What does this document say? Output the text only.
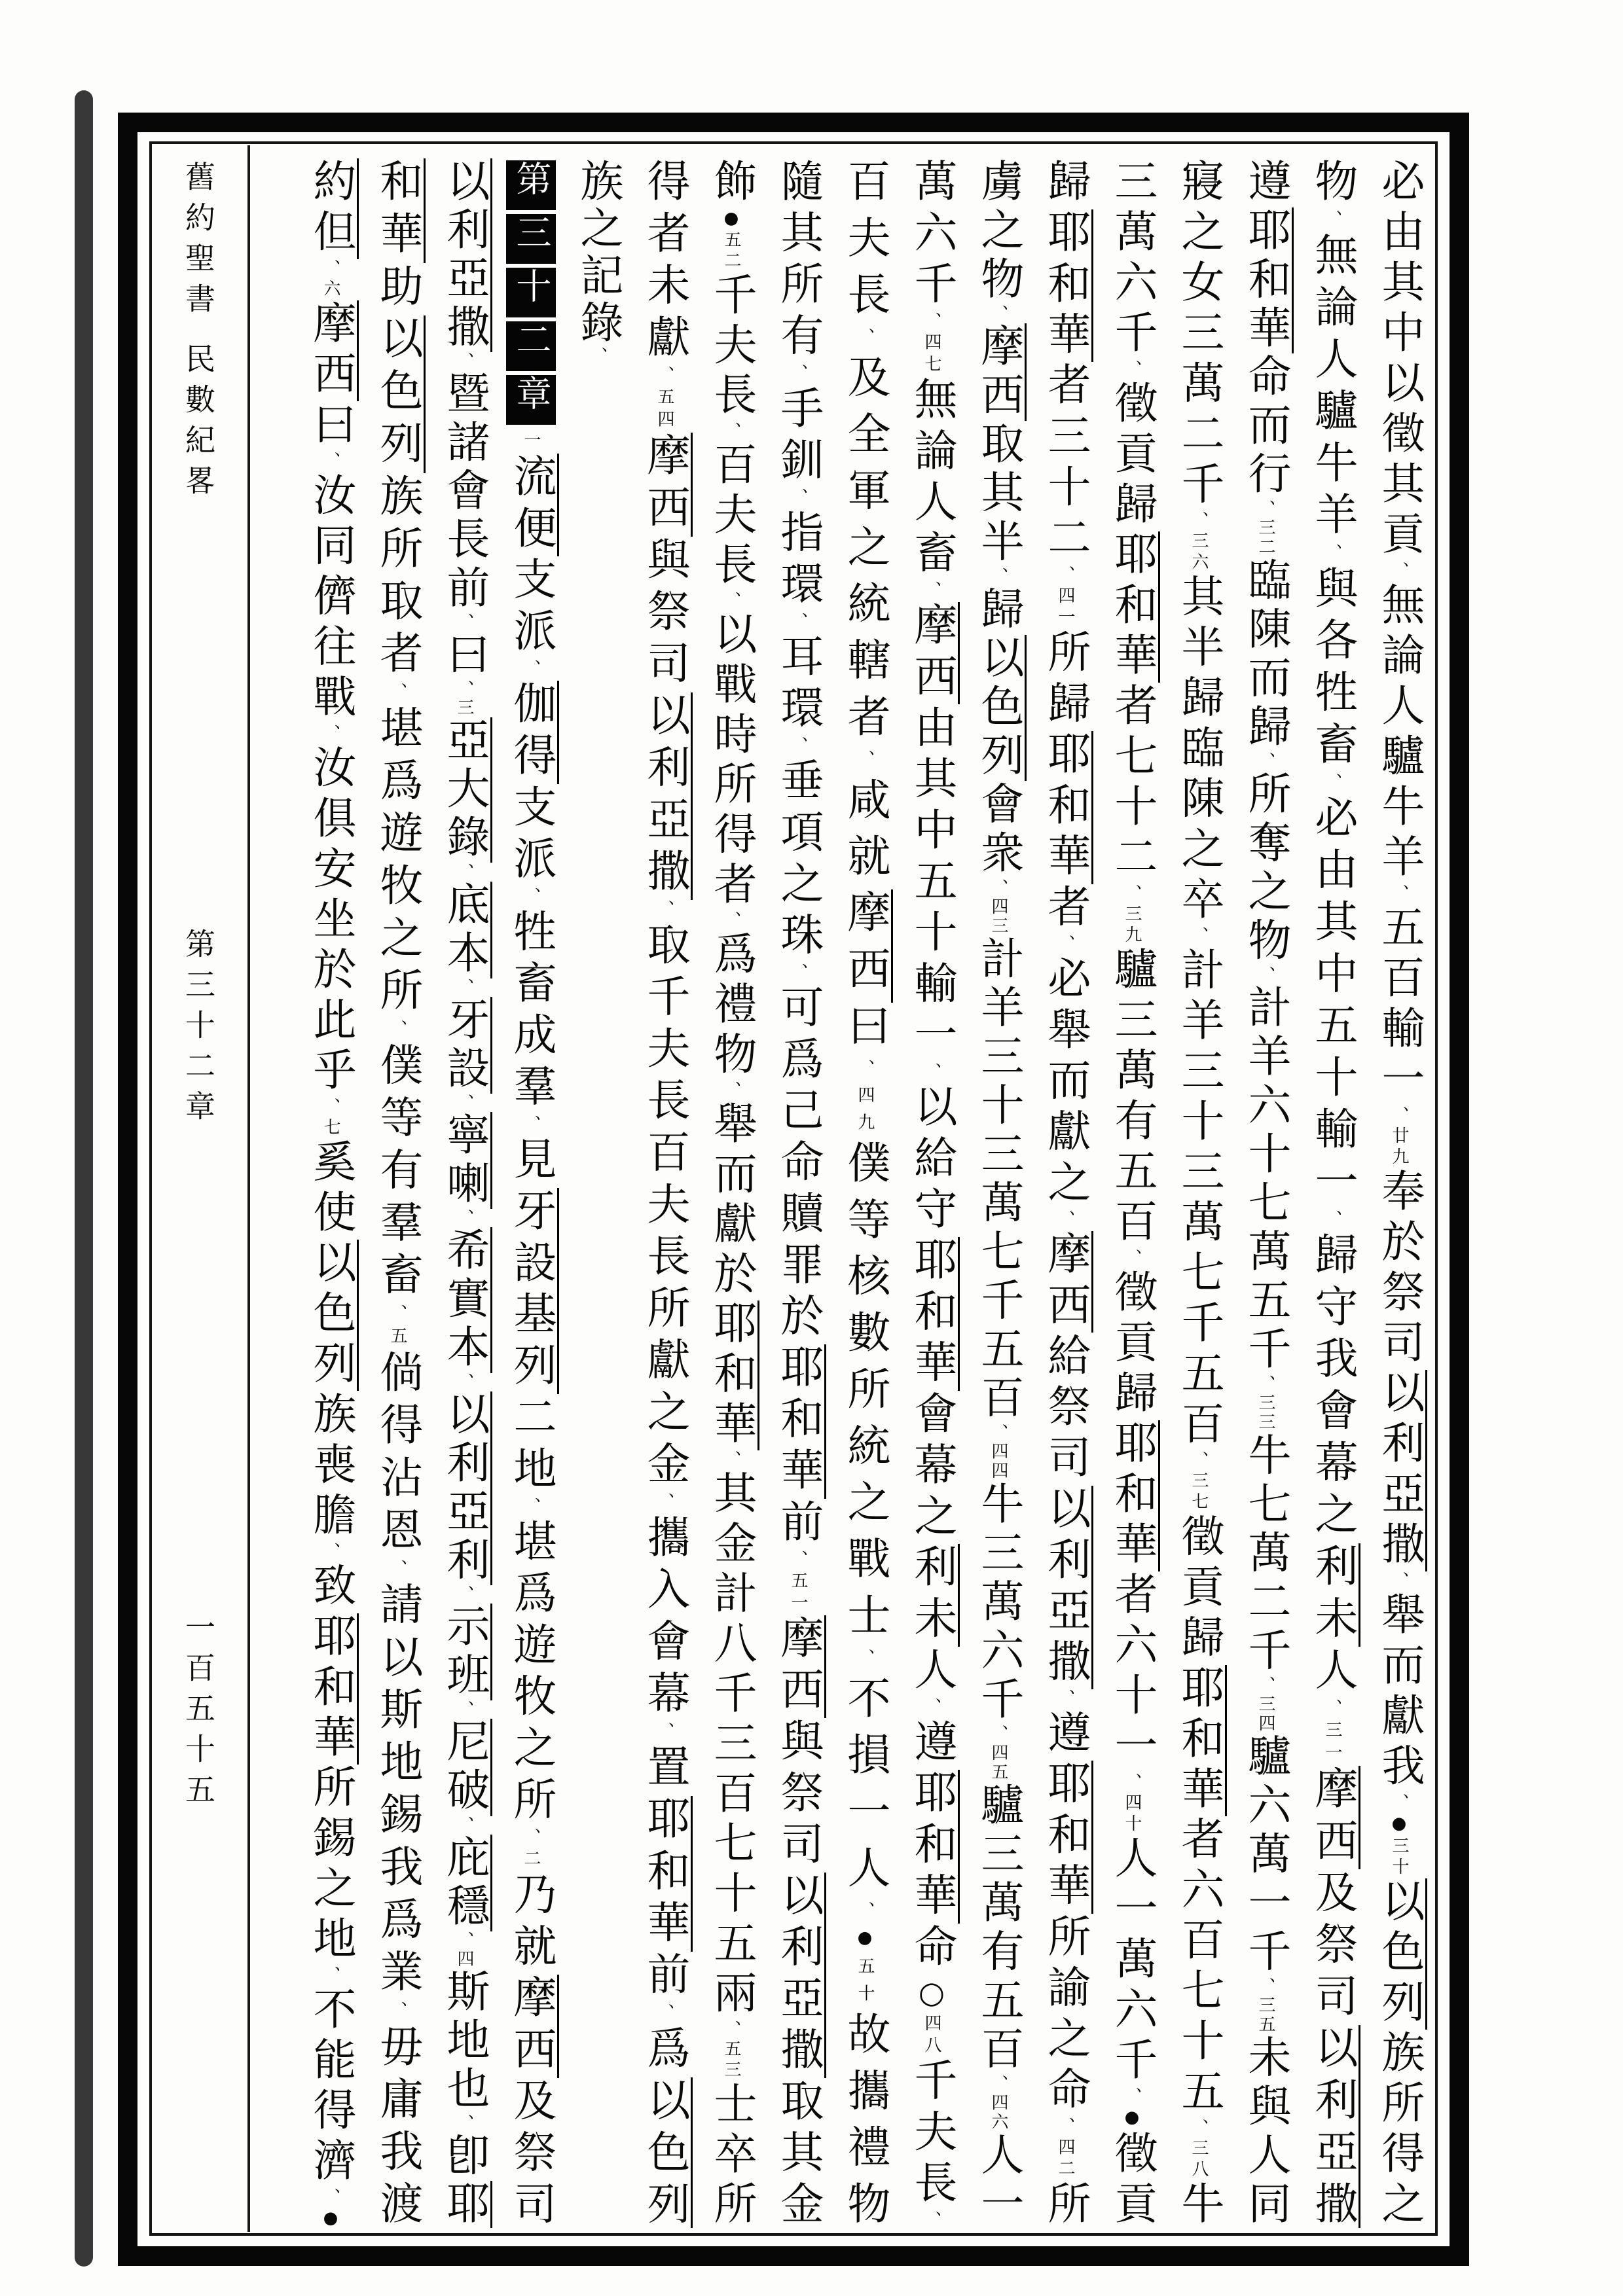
舊約聖書
民數紀畧
第三十二章
一百五十五
必由其中以徵其貢、無論人驢牛羊、五百輸一、廿九奉於祭司以利亞撒、舉而獻我、●三十以色列族所得之
物、無論人驢牛羊、與各牲畜、必由其中五十輸一、歸守我會幕之利未人、三一摩西及祭司以利亞撒
遵耶和華命而行、三二臨陳而歸、所奪之物、計羊六十七萬五千、三三牛七萬二千、三四驢六萬一千、三五未與人同
寢之女三萬二千、三六其半歸臨陳之卒、計羊三十三萬七千五百、三七徵貢歸耶和華者六百七十五、三八牛
三萬六千、徵貢歸耶和華者七十二、三九驢三萬有五百、徵貢歸耶和華者六十一、四十人一萬六千、●徵貢
歸耶和華者三十二、四一所歸耶和華者、必舉而獻之、摩西給祭司以利亞撒、遵耶和華所諭之命、四二所
虜之物、摩西取其半、歸以色列會衆、四三計羊三十三萬七千五百、四四牛三萬六千、四五驢三萬有五百、四六人一
萬六千、四七無論人畜、摩西由其中五十輸一、以給守耶和華會幕之利未人、遵耶和華命○四八千夫長、
百夫長、及全軍之統轄者、咸就摩西曰、四九僕等核數所統之戰士、不損一人、●五十故攜禮物
隨其所有、手釧、指環、耳環、垂項之珠、可爲己命贖罪於耶和華前、五一摩西與祭司以利亞撒取其金
飾●五二千夫長、百夫長、以戰時所得者、爲禮物、舉而獻於耶和華、其金計八千三百七十五兩、五三士卒所
得者未獻、五四摩西與祭司以利亞撒、取千夫長百夫長所獻之金、攜入會幕、置耶和華前、爲以色列
族之記錄、
第三十二章一流便支派、伽得支派、牲畜成羣、見牙設基列二地、堪爲遊牧之所、二乃就摩西及祭司
以利亞撒、暨諸會長前、曰、三亞大錄、底本、牙設、寧喇、希實本、以利亞利、示班、尼破、庇穩、四斯地也、卽耶
和華助以色列族所取者、堪爲遊牧之所、僕等有羣畜、五倘得沾恩、請以斯地錫我爲業、毋庸我渡
約但、六摩西曰、汝同儕往戰、汝俱安坐於此乎、七奚使以色列族喪膽、致耶和華所錫之地、不能得濟、●
